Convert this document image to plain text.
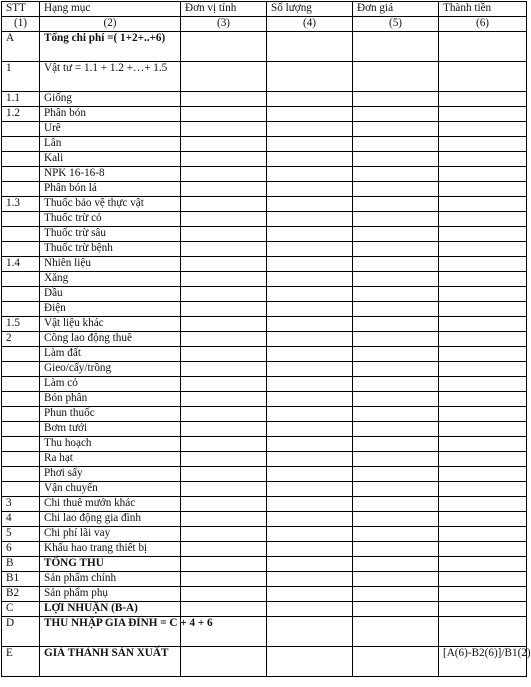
STT	Hạng mục	Đơn vị tính	Số lượng	Đơn giá	Thành tiền
(1)	(2)	(3)	(4)	(5)	(6)
A	Tổng chi phí =( 1+2+..+6)				
1	Vật tư = 1.1 + 1.2 +…+ 1.5				
1.1	Giống				
1.2	Phân bón				
	Urê				
	Lân				
	Kali				
	NPK 16-16-8				
	Phân bón lá				
1.3	Thuốc bảo vệ thực vật				
	Thuốc trừ cỏ				
	Thuốc trừ sâu				
	Thuốc trừ bệnh				
1.4	Nhiên liệu				
	Xăng				
	Dầu				
	Điện				
1.5	Vật liệu khác				
2	Công lao động thuê				
	Làm đất				
	Gieo/cấy/trồng				
	Làm cỏ				
	Bón phân				
	Phun thuốc				
	Bơm tưới				
	Thu hoạch				
	Ra hạt				
	Phơi sấy				
	Vận chuyển				
3	Chi thuê mướn khác				
4	Chi lao động gia đình				
5	Chi phí lãi vay				
6	Khấu hao trang thiết bị				
B	TỔNG THU				
B1	Sản phẩm chính				
B2	Sản phẩm phụ				
C	LỢI NHUẬN (B-A)				
D	THU NHẬP GIA ĐÌNH = C + 4 + 6				
E	GIÁ THÀNH SẢN XUẤT				[A(6)-B2(6)]/B1(2)
